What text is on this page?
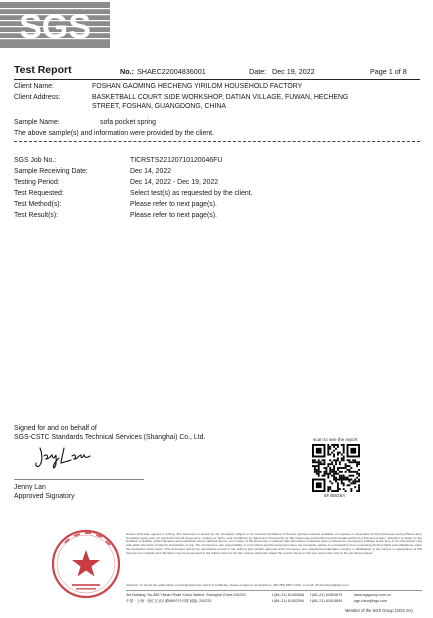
SGS
Test Report	No.: SHAEC22004836001	Date: Dec 19, 2022	Page 1 of 8
Client Name:	FOSHAN GAOMING HECHENG YIRILOM HOUSEHOLD FACTORY
Client Address:	BASKETBALL COURT SIDE WORKSHOP, DATIAN VILLAGE, FUWAN, HECHENG
STREET, FOSHAN, GUANGDONG, CHINA
Sample Name:	sofa pocket spring
The above sample(s) and information were provided by the client.
SGS Job No.:	TICRSTS22120710120046FU
Sample Receiving Date:	Dec 14, 2022
Testing Period:	Dec 14, 2022 - Dec 19, 2022
Test Requested:	Select test(s) as requested by the client.
Test Method(s):	Please refer to next page(s).
Test Result(s):	Please refer to next page(s).
Signed for and on behalf of
SGS-CSTC Standards Technical Services (Shanghai) Co., Ltd.
Jenny Lan
Approved Signatory
scan to see the report
5F48838A
Unless otherwise agreed in writing, this document is issued by the Company subject to its General Conditions of Service printed overleaf, available on request or accessible at http://www.sgs.com/en/Terms-and-Conditions.aspx and, for electronic format documents, subject to Terms and Conditions for Electronic Documents at http://www.sgs.com/en/Terms-and-Conditions/Terms-e-Document.aspx. Attention is drawn to the limitation of liability, indemnification and jurisdiction issues defined therein. Any holder of this document is advised that information contained hereon reflects the Company's findings at the time of its intervention only and within the limits of Client's instructions, if any. The Company's sole responsibility is to its Client and this document does not exonerate parties to a transaction from exercising all their rights and obligations under the transaction documents. This document cannot be reproduced except in full, without prior written approval of the Company. Any unauthorized alteration, forgery or falsification of the content or appearance of this document is unlawful and offenders may be prosecuted to the fullest extent of the law. Unless otherwise stated the results shown in this test report refer only to the sample(s) tested.
Attention: To check the authenticity of testing/inspection report & certificate, please contact us at telephone: (86-755) 8307 1443, or email: CN.Doccheck@sgs.com
3rd Building, No.889 Yishan Road Xuhui District, Shanghai China 200233	t (86–21) 61402666 f (86–21) 64953679	www.sgsgroup.com.cn
中国 · 上海 · 徐汇区宜山路889号3号楼 邮编: 200233	t (86–21) 61402594 f (86–21) 61915899	sgs.china@sgs.com
Member of the SGS Group (SGS SA)
